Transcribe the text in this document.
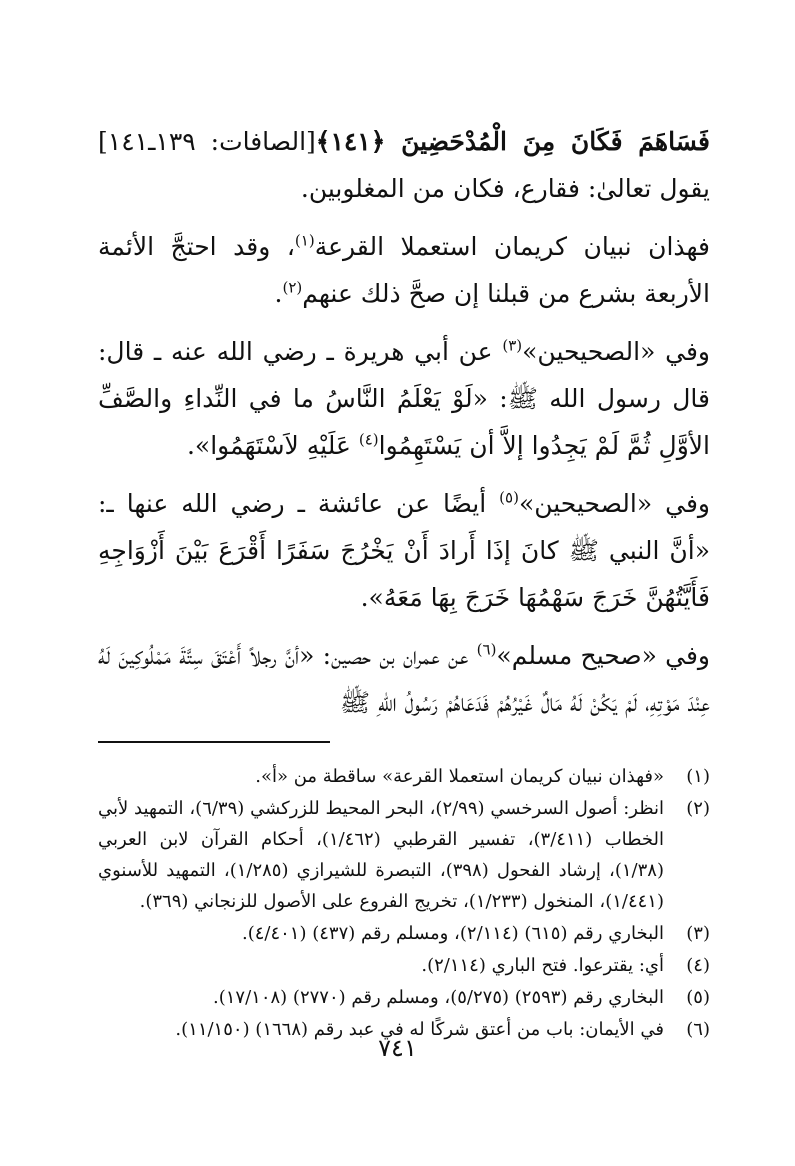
فَسَاهَمَ فَكَانَ مِنَ الْمُدْحَضِينَ ﴿١٤١﴾[الصافات: ١٣٩ـ١٤١] يقول تعالىٰ: فقارع، فكان من المغلوبين.

فهذان نبيان كريمان استعملا القرعة$^{(١)}$، وقد احتجَّ الأئمة الأربعة بشرع من قبلنا إن صحَّ ذلك عنهم$^{(٢)}$.

وفي «الصحيحين»$^{(٣)}$ عن أبي هريرة ـ رضي الله عنه ـ قال: قال رسول الله ﷺ: «لَوْ يَعْلَمُ النَّاسُ ما في النِّداءِ والصَّفِّ الأوَّلِ ثُمَّ لَمْ يَجِدُوا إلاَّ أن يَسْتَهِمُوا$^{(٤)}$ عَلَيْهِ لاَسْتَهَمُوا».

وفي «الصحيحين»$^{(٥)}$ أيضًا عن عائشة ـ رضي الله عنها ـ: «أنَّ النبي ﷺ كانَ إذَا أَرادَ أَنْ يَخْرُجَ سَفَرًا أَقْرَعَ بَيْنَ أَزْوَاجِهِ فَأَيَّتُهُنَّ خَرَجَ سَهْمُهَا خَرَجَ بِهَا مَعَهُ».

وفي «صحيح مسلم»$^{(٦)}$ عن عمران بن حصين: «أنَّ رجلاً أَعْتَقَ سِتَّةَ مَمْلُوكِينَ لَهُ عِنْدَ مَوْتِهِ، لَمْ يَكُنْ لَهُ مَالٌ غَيْرُهُمْ فَدَعَاهُمْ رَسُولُ اللهِ ﷺ

(١)
«فهذان نبيان كريمان استعملا القرعة» ساقطة من «أ».
(٢)
انظر: أصول السرخسي (٢/٩٩)، البحر المحيط للزركشي (٦/٣٩)، التمهيد لأبي الخطاب (٣/٤١١)، تفسير القرطبي (١/٤٦٢)، أحكام القرآن لابن العربي (١/٣٨)، إرشاد الفحول (٣٩٨)، التبصرة للشيرازي (١/٢٨٥)، التمهيد للأسنوي (١/٤٤١)، المنخول (١/٢٣٣)، تخريج الفروع على الأصول للزنجاني (٣٦٩).
(٣)
البخاري رقم (٦١٥) (٢/١١٤)، ومسلم رقم (٤٣٧) (٤/٤٠١).
(٤)
أي: يقترعوا. فتح الباري (٢/١١٤).
(٥)
البخاري رقم (٢٥٩٣) (٥/٢٧٥)، ومسلم رقم (٢٧٧٠) (١٧/١٠٨).
(٦)
في الأيمان: باب من أعتق شركًا له في عبد رقم (١٦٦٨) (١١/١٥٠).
٧٤١
